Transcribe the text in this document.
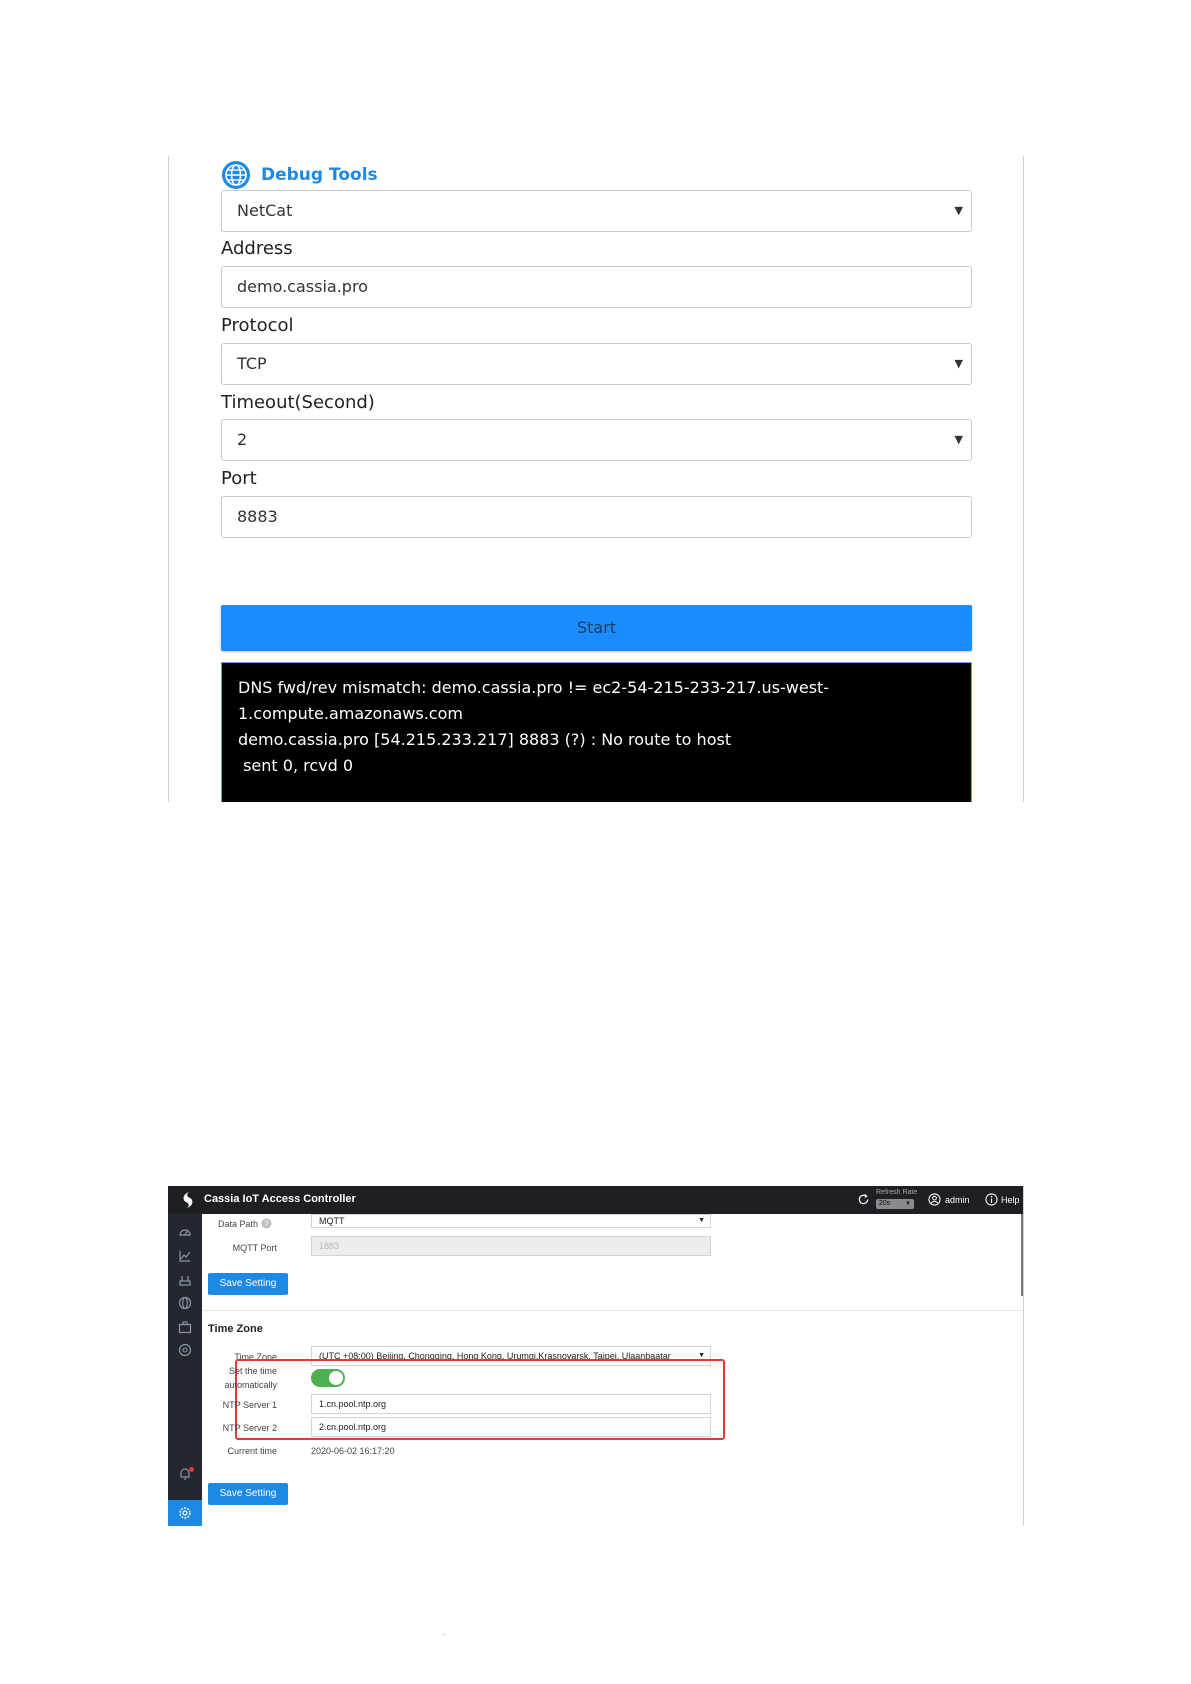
Debug Tools
NetCat	▼
Address
demo.cassia.pro
Protocol
TCP	▼
Timeout(Second)
2	▼
Port
8883
Start
DNS fwd/rev mismatch: demo.cassia.pro != ec2-54-215-233-217.us-west-
1.compute.amazonaws.com
demo.cassia.pro [54.215.233.217] 8883 (?) : No route to host
sent 0, rcvd 0
Cassia IoT Access Controller
Refresh Rate
20s ▼	admin	Help
Data Path ?	MQTT	▼
MQTT Port	1883
Save Setting
Time Zone
Time Zone	(UTC +08:00) Beijing, Chongqing, Hong Kong, Urumqi,Krasnoyarsk, Taipei, Ulaanbaatar	▼
Set the time
automatically
NTP Server 1	1.cn.pool.ntp.org
NTP Server 2	2.cn.pool.ntp.org
Current time	2020-06-02 16:17:20
Save Setting
-
